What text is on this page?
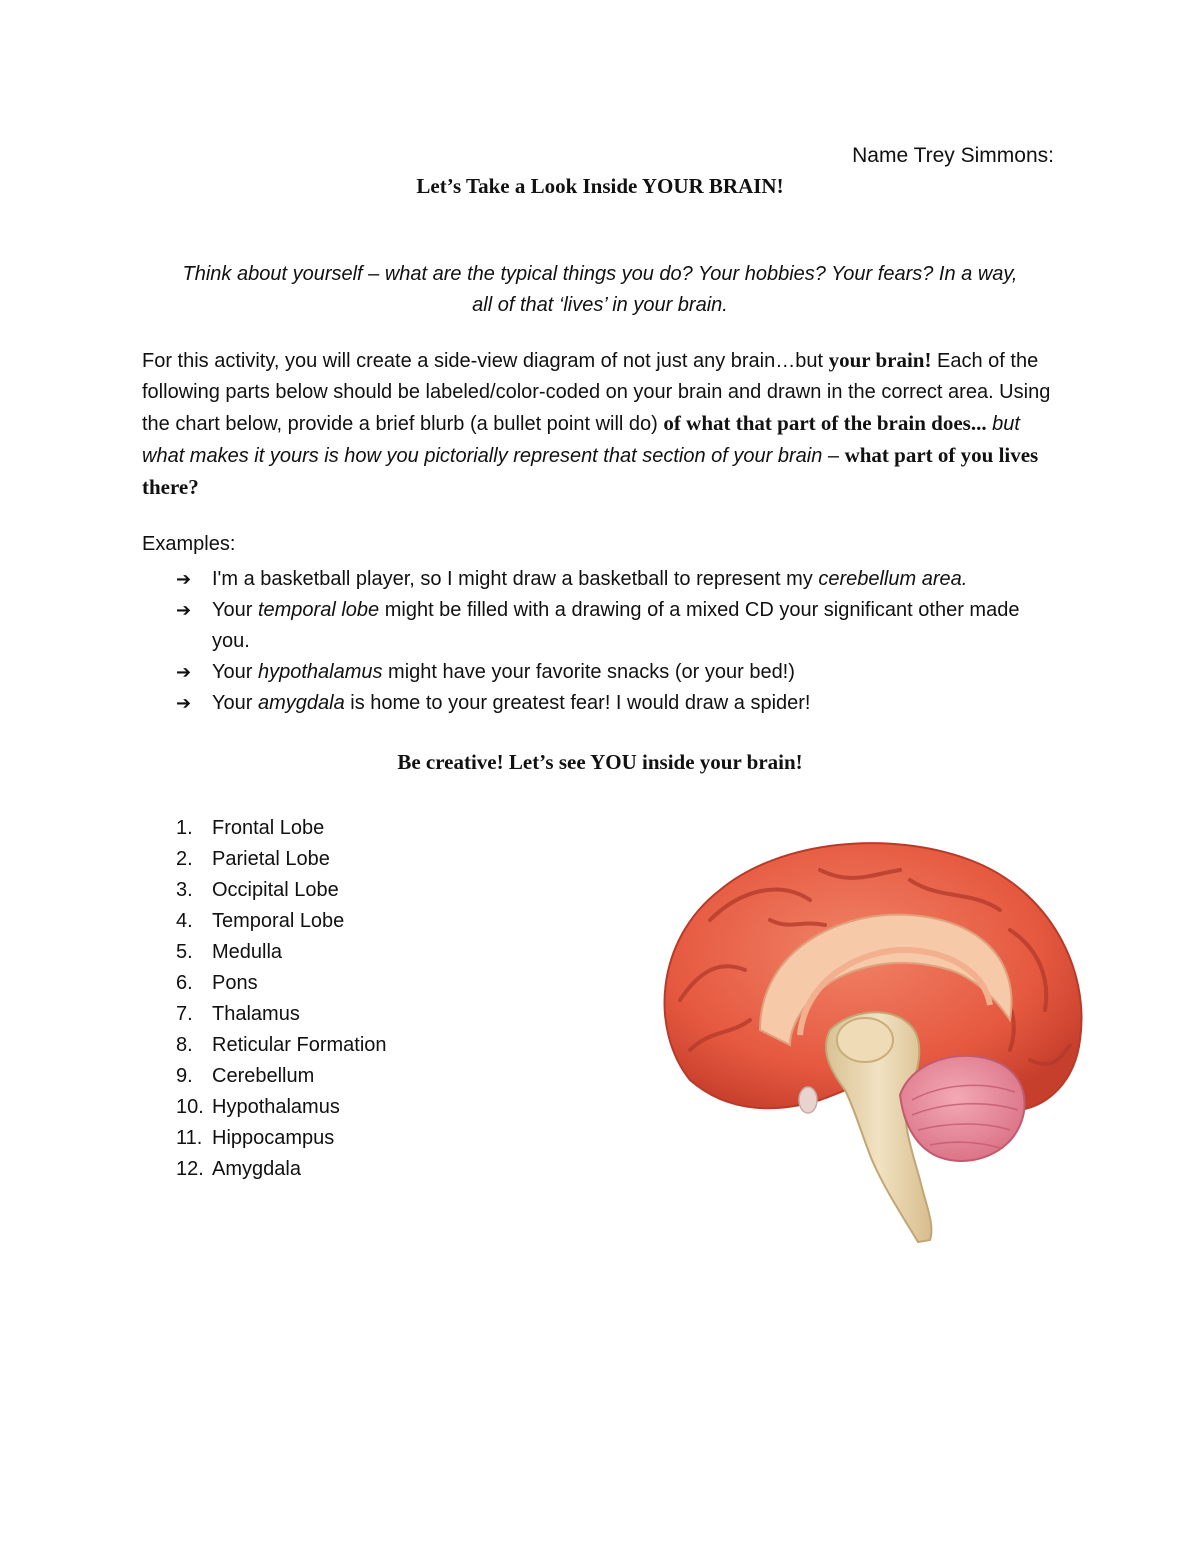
Name Trey Simmons:
Let’s Take a Look Inside YOUR BRAIN!
Think about yourself – what are the typical things you do? Your hobbies? Your fears? In a way,
all of that ‘lives’ in your brain.
For this activity, you will create a side-view diagram of not just any brain…but your brain! Each of the following parts below should be labeled/color-coded on your brain and drawn in the correct area. Using the chart below, provide a brief blurb (a bullet point will do) of what that part of the brain does... but what makes it yours is how you pictorially represent that section of your brain – what part of you lives there?
Examples:
➔	I'm a basketball player, so I might draw a basketball to represent my cerebellum area.
➔	Your temporal lobe might be filled with a drawing of a mixed CD your significant other made you.
➔	Your hypothalamus might have your favorite snacks (or your bed!)
➔	Your amygdala is home to your greatest fear! I would draw a spider!
Be creative! Let’s see YOU inside your brain!
1. Frontal Lobe
2. Parietal Lobe
3. Occipital Lobe
4. Temporal Lobe
5. Medulla
6. Pons
7. Thalamus
8. Reticular Formation
9. Cerebellum
10. Hypothalamus
11. Hippocampus
12. Amygdala
